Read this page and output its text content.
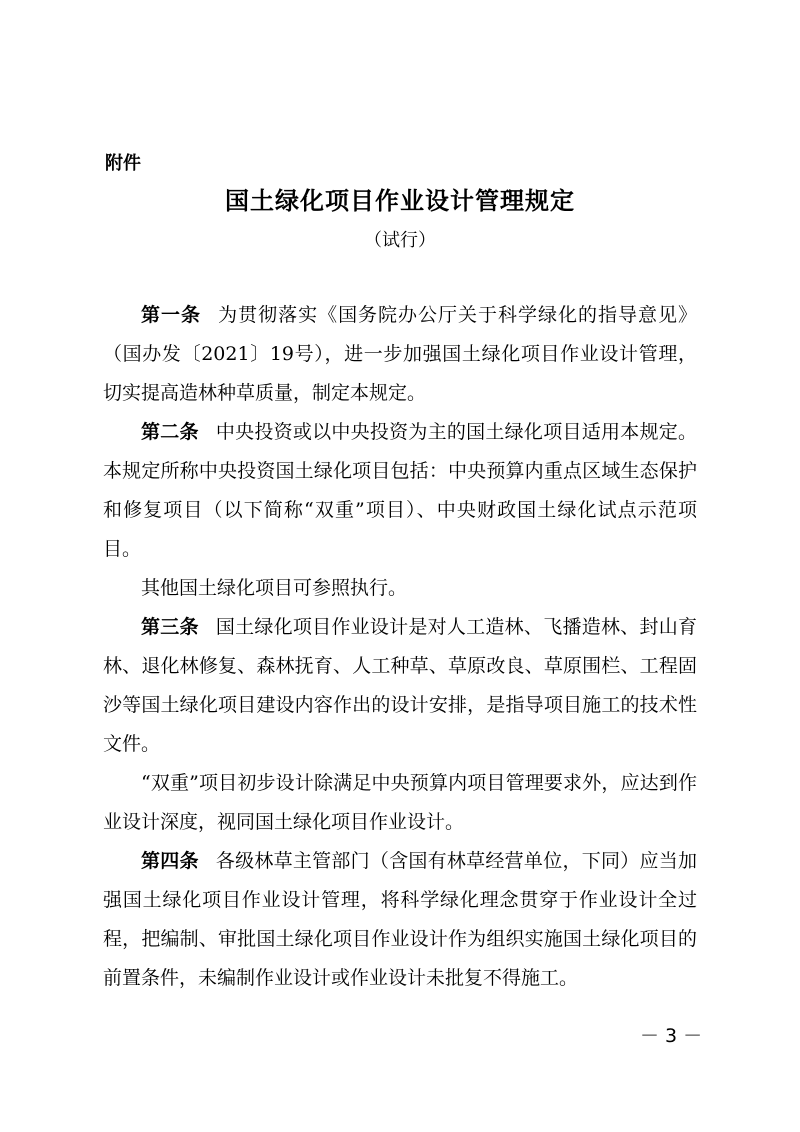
附件
国土绿化项目作业设计管理规定
（试行）

第一条 为贯彻落实《国务院办公厅关于科学绿化的指导意见》（国办发〔2021〕19号），进一步加强国土绿化项目作业设计管理，切实提高造林种草质量，制定本规定。

第二条 中央投资或以中央投资为主的国土绿化项目适用本规定。本规定所称中央投资国土绿化项目包括：中央预算内重点区域生态保护和修复项目（以下简称“双重”项目）、中央财政国土绿化试点示范项目。

其他国土绿化项目可参照执行。

第三条 国土绿化项目作业设计是对人工造林、飞播造林、封山育林、退化林修复、森林抚育、人工种草、草原改良、草原围栏、工程固沙等国土绿化项目建设内容作出的设计安排，是指导项目施工的技术性文件。

“双重”项目初步设计除满足中央预算内项目管理要求外，应达到作业设计深度，视同国土绿化项目作业设计。

第四条 各级林草主管部门（含国有林草经营单位，下同）应当加强国土绿化项目作业设计管理，将科学绿化理念贯穿于作业设计全过程，把编制、审批国土绿化项目作业设计作为组织实施国土绿化项目的前置条件，未编制作业设计或作业设计未批复不得施工。

－ 3 －
